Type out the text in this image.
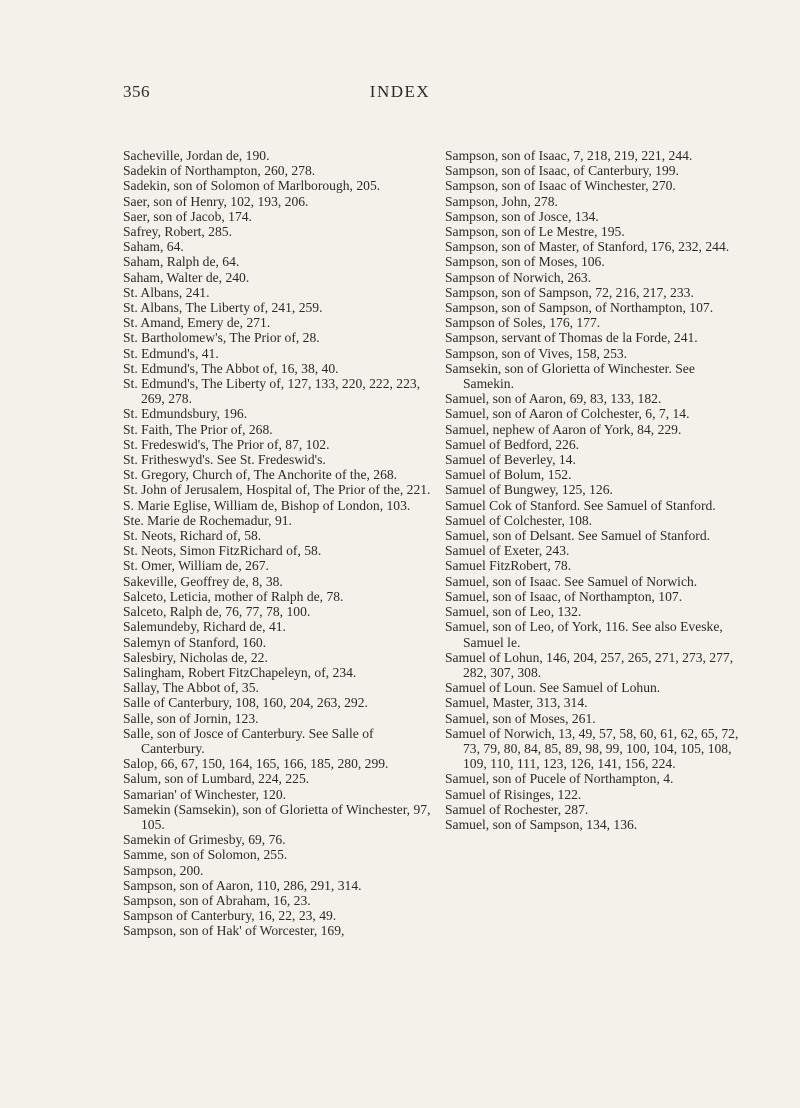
356	INDEX

Sacheville, Jordan de, 190.

Sadekin of Northampton, 260, 278.

Sadekin, son of Solomon of Marlborough, 205.

Saer, son of Henry, 102, 193, 206.

Saer, son of Jacob, 174.

Safrey, Robert, 285.

Saham, 64.

Saham, Ralph de, 64.

Saham, Walter de, 240.

St. Albans, 241.

St. Albans, The Liberty of, 241, 259.

St. Amand, Emery de, 271.

St. Bartholomew's, The Prior of, 28.

St. Edmund's, 41.

St. Edmund's, The Abbot of, 16, 38, 40.

St. Edmund's, The Liberty of, 127, 133, 220, 222, 223, 269, 278.

St. Edmundsbury, 196.

St. Faith, The Prior of, 268.

St. Fredeswid's, The Prior of, 87, 102.

St. Fritheswyd's. See St. Fredeswid's.

St. Gregory, Church of, The Anchorite of the, 268.

St. John of Jerusalem, Hospital of, The Prior of the, 221.

S. Marie Eglise, William de, Bishop of London, 103.

Ste. Marie de Rochemadur, 91.

St. Neots, Richard of, 58.

St. Neots, Simon FitzRichard of, 58.

St. Omer, William de, 267.

Sakeville, Geoffrey de, 8, 38.

Salceto, Leticia, mother of Ralph de, 78.

Salceto, Ralph de, 76, 77, 78, 100.

Salemundeby, Richard de, 41.

Salemyn of Stanford, 160.

Salesbiry, Nicholas de, 22.

Salingham, Robert FitzChapeleyn, of, 234.

Sallay, The Abbot of, 35.

Salle of Canterbury, 108, 160, 204, 263, 292.

Salle, son of Jornin, 123.

Salle, son of Josce of Canterbury. See Salle of Canterbury.

Salop, 66, 67, 150, 164, 165, 166, 185, 280, 299.

Salum, son of Lumbard, 224, 225.

Samarian' of Winchester, 120.

Samekin (Samsekin), son of Glorietta of Winchester, 97, 105.

Samekin of Grimesby, 69, 76.

Samme, son of Solomon, 255.

Sampson, 200.

Sampson, son of Aaron, 110, 286, 291, 314.

Sampson, son of Abraham, 16, 23.

Sampson of Canterbury, 16, 22, 23, 49.

Sampson, son of Hak' of Worcester, 169,

Sampson, son of Isaac, 7, 218, 219, 221, 244.

Sampson, son of Isaac, of Canterbury, 199.

Sampson, son of Isaac of Winchester, 270.

Sampson, John, 278.

Sampson, son of Josce, 134.

Sampson, son of Le Mestre, 195.

Sampson, son of Master, of Stanford, 176, 232, 244.

Sampson, son of Moses, 106.

Sampson of Norwich, 263.

Sampson, son of Sampson, 72, 216, 217, 233.

Sampson, son of Sampson, of Northampton, 107.

Sampson of Soles, 176, 177.

Sampson, servant of Thomas de la Forde, 241.

Sampson, son of Vives, 158, 253.

Samsekin, son of Glorietta of Winchester. See Samekin.

Samuel, son of Aaron, 69, 83, 133, 182.

Samuel, son of Aaron of Colchester, 6, 7, 14.

Samuel, nephew of Aaron of York, 84, 229.

Samuel of Bedford, 226.

Samuel of Beverley, 14.

Samuel of Bolum, 152.

Samuel of Bungwey, 125, 126.

Samuel Cok of Stanford. See Samuel of Stanford.

Samuel of Colchester, 108.

Samuel, son of Delsant. See Samuel of Stanford.

Samuel of Exeter, 243.

Samuel FitzRobert, 78.

Samuel, son of Isaac. See Samuel of Norwich.

Samuel, son of Isaac, of Northampton, 107.

Samuel, son of Leo, 132.

Samuel, son of Leo, of York, 116. See also Eveske, Samuel le.

Samuel of Lohun, 146, 204, 257, 265, 271, 273, 277, 282, 307, 308.

Samuel of Loun. See Samuel of Lohun.

Samuel, Master, 313, 314.

Samuel, son of Moses, 261.

Samuel of Norwich, 13, 49, 57, 58, 60, 61, 62, 65, 72, 73, 79, 80, 84, 85, 89, 98, 99, 100, 104, 105, 108, 109, 110, 111, 123, 126, 141, 156, 224.

Samuel, son of Pucele of Northampton, 4.

Samuel of Risinges, 122.

Samuel of Rochester, 287.

Samuel, son of Sampson, 134, 136.
